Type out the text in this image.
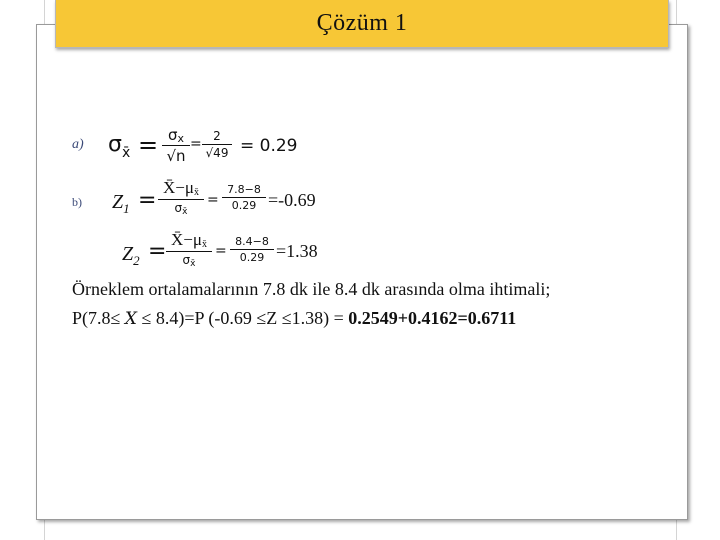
Çözüm 1
a) $\sigma_{x̄} = \sigma x$
√n
= 2
√49 = 0.29
b) $Z_1$ =
X̄−μx̄
σx̄
=
7.8−8
0.29 =-0.69
$Z_2$ = X̄−μx̄
σx̄
=
8.4−8
0.29 =1.38
Örneklem ortalamalarının 7.8 dk ile 8.4 dk arasında olma ihtimali;
P(7.8≤ X ≤ 8.4)=P (-0.69 ≤Z ≤1.38) = 0.2549+0.4162=0.6711
